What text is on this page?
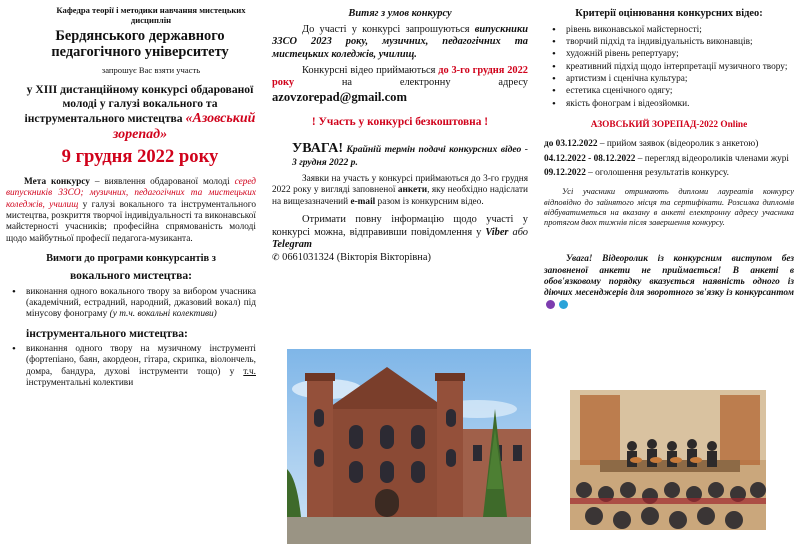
Кафедра теорії і методики навчання мистецьких дисциплін
Бердянського державного педагогічного університету
запрошує Вас взяти участь
у ХІІІ дистанційному конкурсі обдарованої молоді у галузі вокального та інструментального мистецтва «Азовський зорепад»
9 грудня 2022 року

Мета конкурсу – виявлення обдарованої молоді серед випускників ЗЗСО; музичних, педагогічних та мистецьких коледжів, училищ у галузі вокального та інструментального мистецтва, розкриття творчої індивідуальності та виконавської майстерності учасників; професійна спрямованість молоді щодо майбутньої професії педагога-музиканта.

Вимоги до програми конкурсантів з
вокального мистецтва:
• виконання одного вокального твору за вибором учасника (академічний, естрадний, народний, джазовий вокал) під мінусову фонограму (у т.ч. вокальні колективи)
інструментального мистецтва:
• виконання одного твору на музичному інструменті (фортепіано, баян, акордеон, гітара, скрипка, віолончель, домра, бандура, духові інструменти тощо) у т.ч. інструментальні колективи
Витяг з умов конкурсу

До участі у конкурсі запрошуються випускники ЗЗСО 2023 року, музичних, педагогічних та мистецьких коледжів, училищ.

Конкурсні відео приймаються до 3-го грудня 2022 року на електронну адресу azovzorepad@gmail.com

! Участь у конкурсі безкоштовна !

УВАГА! Крайній термін подачі конкурсних відео - 3 грудня 2022 р.

Заявки на участь у конкурсі приймаються до 3-го грудня 2022 року у вигляді заповненої анкети, яку необхідно надіслати на вищезазначений e-mail разом із конкурсним відео.

Отримати повну інформацію щодо участі у конкурсі можна, відправивши повідомлення у Viber або Telegram
✆ 0661031324 (Вікторія Вікторівна)

Критерії оцінювання конкурсних відео:
• рівень виконавської майстерності;
• творчий підхід та індивідуальність виконавців;
• художній рівень репертуару;
• креативний підхід щодо інтерпретації музичного твору;
• артистизм і сценічна культура;
• естетика сценічного одягу;
• якість фонограм і відеозйомки.
АЗОВСЬКИЙ ЗОРЕПАД-2022 Online

до 03.12.2022 – прийом заявок (відеоролик з анкетою)

04.12.2022 - 08.12.2022 – перегляд відеороликів членами журі

09.12.2022 – оголошення результатів конкурсу.

Усі учасники отримають дипломи лауреатів конкурсу відповідно до зайнятого місця та сертифікати. Розсилка дипломів відбуватиметься на вказану в анкеті електронну адресу учасника протягом двох тижнів після завершення конкурсу.
Увага! Відеоролик із конкурсним виступом без заповненої анкети не приймається! В анкеті в обов'язковому порядку вказується наявність одного із діючих месенджерів для зворотного зв'язку із конкурсантом
